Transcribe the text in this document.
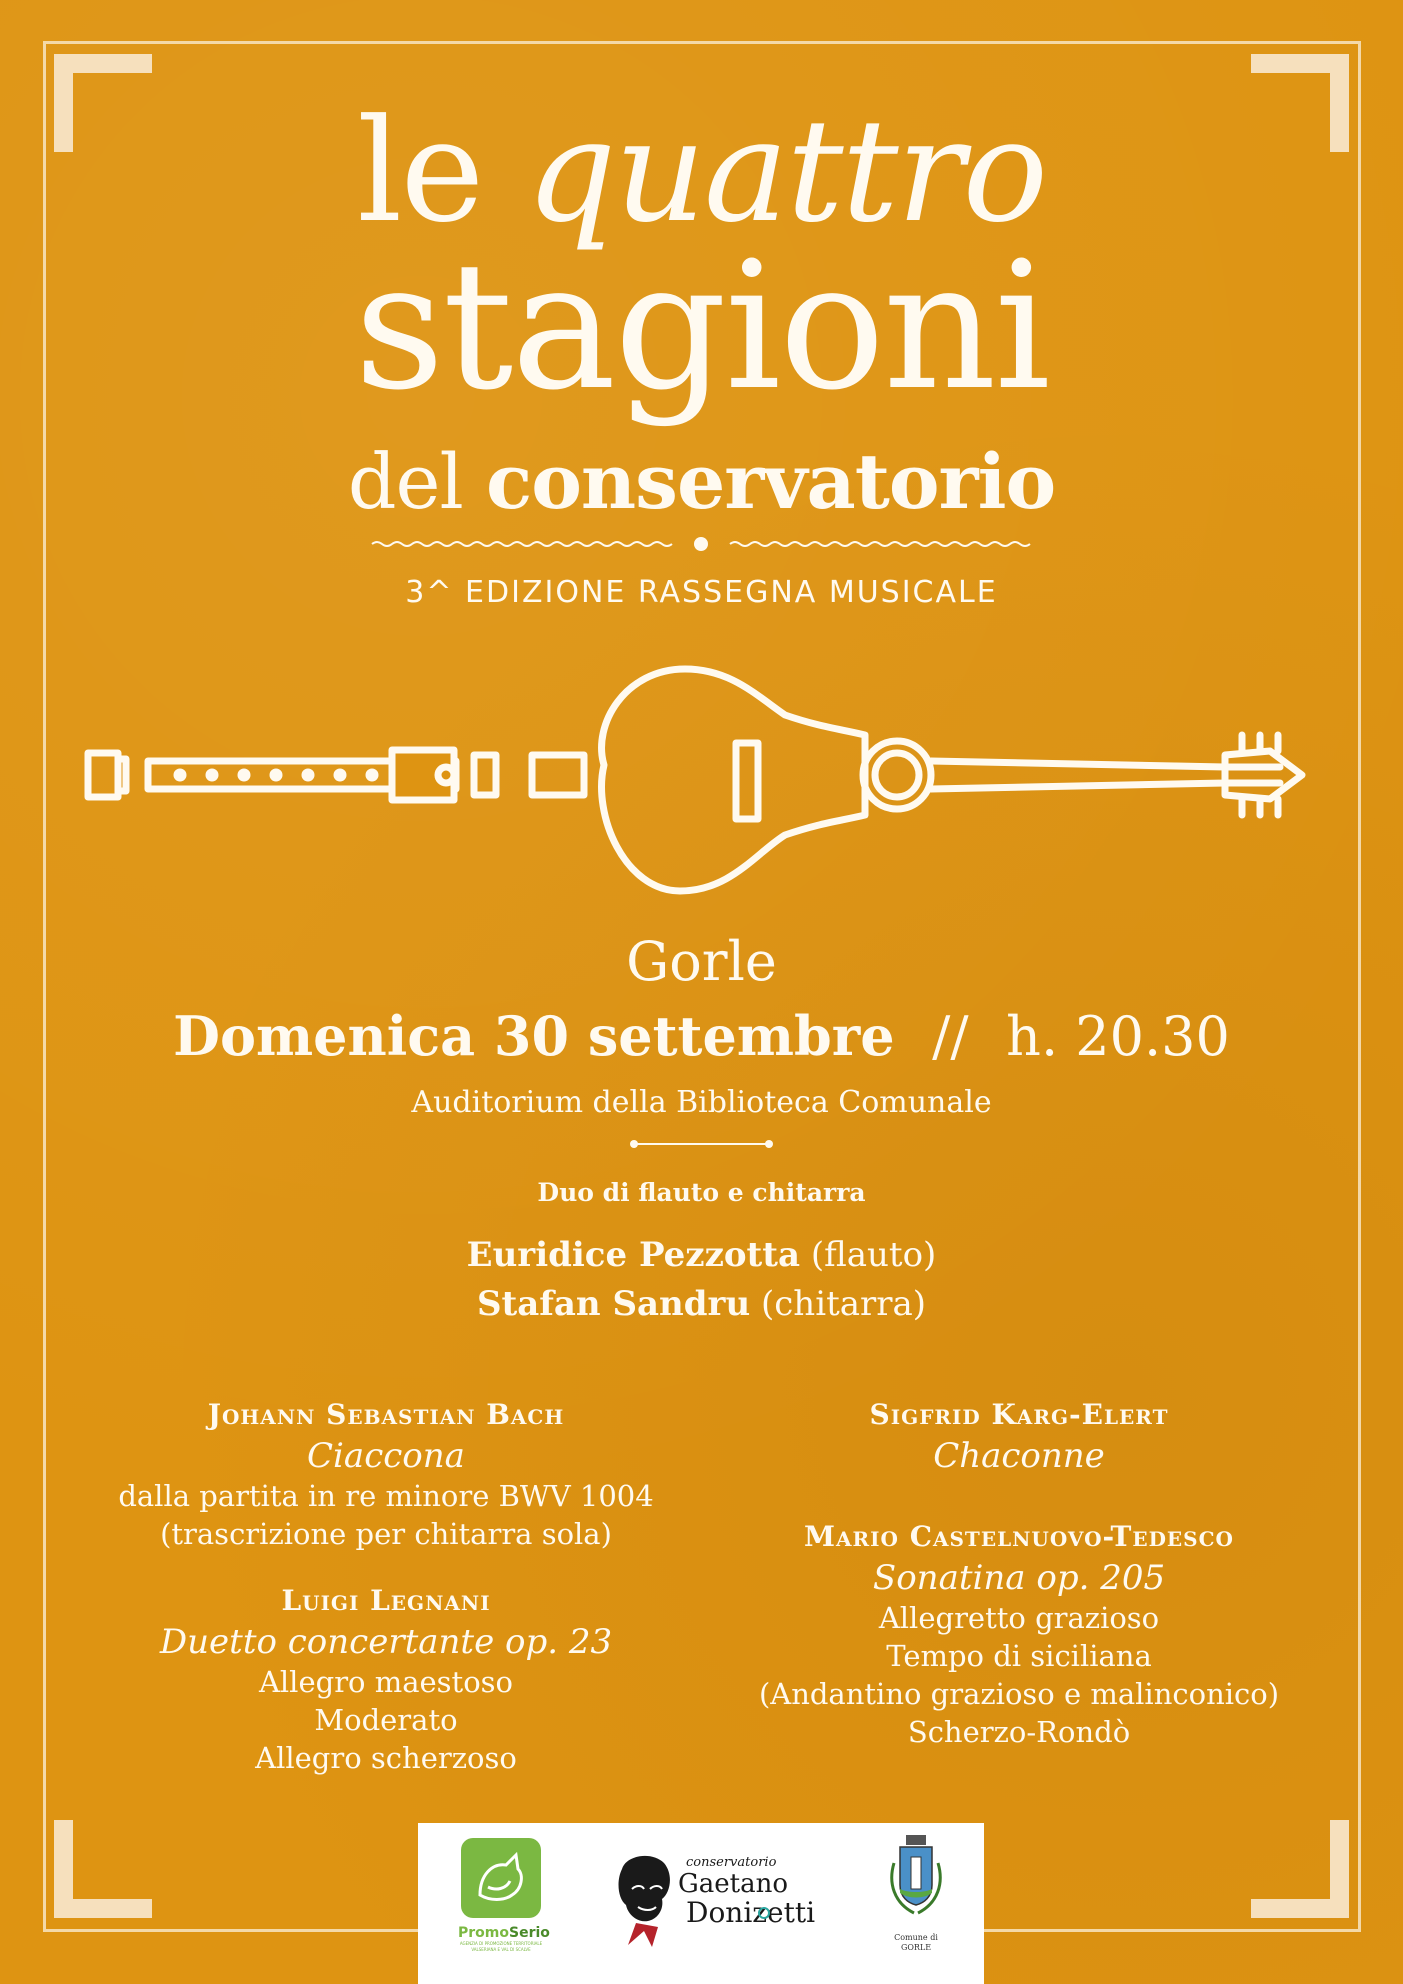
le quattro
stagioni
del conservatorio
3^ EDIZIONE RASSEGNA MUSICALE
Gorle
Domenica 30 settembre // h. 20.30
Auditorium della Biblioteca Comunale
Duo di flauto e chitarra
Euridice Pezzotta (flauto)
Stafan Sandru (chitarra)
Johann Sebastian Bach
Ciaccona
dalla partita in re minore BWV 1004
(trascrizione per chitarra sola)
Luigi Legnani
Duetto concertante op. 23
Allegro maestoso
Moderato
Allegro scherzoso
Sigfrid Karg-Elert
Chaconne
Mario Castelnuovo-Tedesco
Sonatina op. 205
Allegretto grazioso
Tempo di siciliana
(Andantino grazioso e malinconico)
Scherzo-Rondò
PromoSerio
AGENZIA DI PROMOZIONE TERRITORIALE
VALSERIANA E VAL DI SCALVE
conservatorio
Gaetano
Donizetti
Comune di
GORLE
